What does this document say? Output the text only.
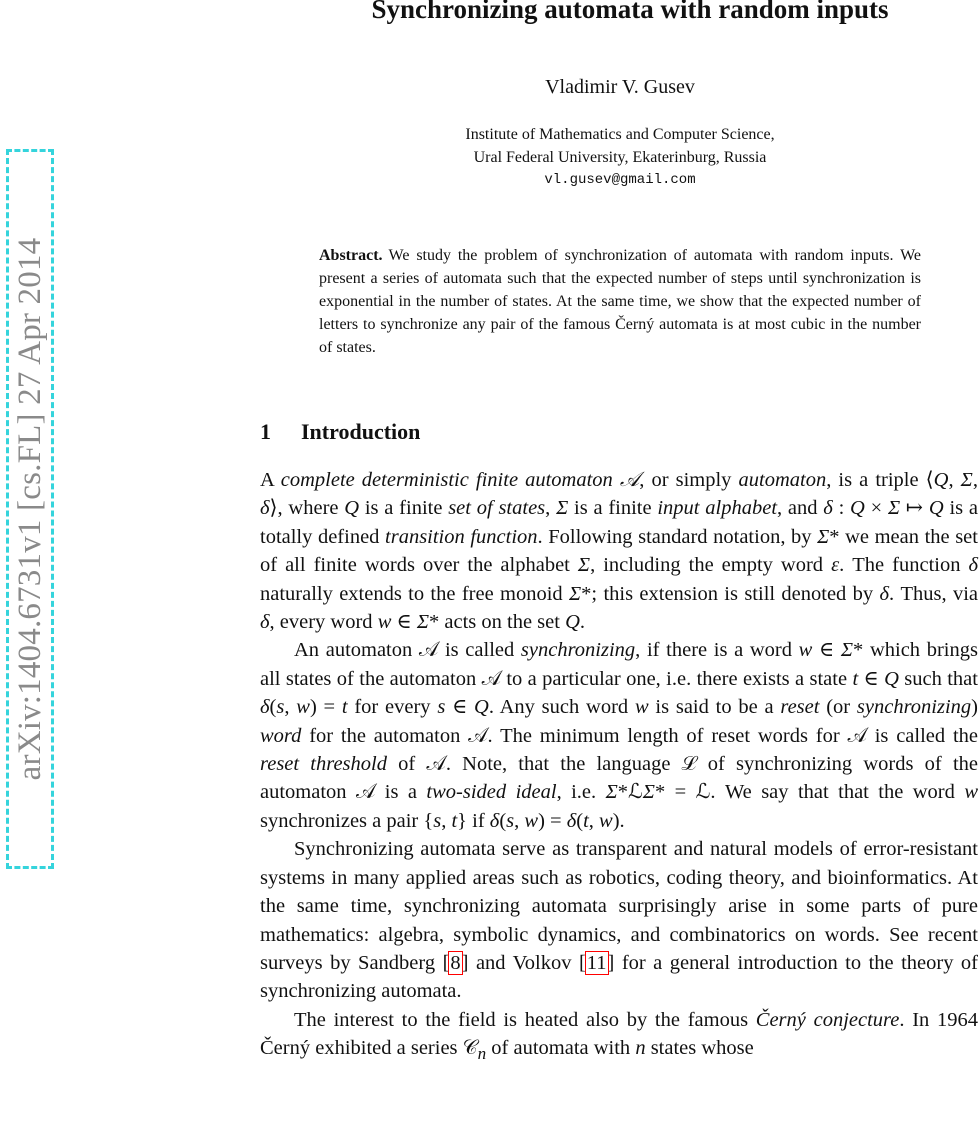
arXiv:1404.6731v1 [cs.FL] 27 Apr 2014
Synchronizing automata with random inputs
Vladimir V. Gusev
Institute of Mathematics and Computer Science,
Ural Federal University, Ekaterinburg, Russia
vl.gusev@gmail.com

Abstract. We study the problem of synchronization of automata with random inputs. We present a series of automata such that the expected number of steps until synchronization is exponential in the number of states. At the same time, we show that the expected number of letters to synchronize any pair of the famous Černý automata is at most cubic in the number of states.

1 Introduction

A complete deterministic finite automaton 𝒜, or simply automaton, is a triple ⟨Q, Σ, δ⟩, where Q is a finite set of states, Σ is a finite input alphabet, and δ : Q × Σ ↦ Q is a totally defined transition function. Following standard notation, by Σ* we mean the set of all finite words over the alphabet Σ, including the empty word ε. The function δ naturally extends to the free monoid Σ*; this extension is still denoted by δ. Thus, via δ, every word w ∈ Σ* acts on the set Q.

An automaton 𝒜 is called synchronizing, if there is a word w ∈ Σ* which brings all states of the automaton 𝒜 to a particular one, i.e. there exists a state t ∈ Q such that δ(s, w) = t for every s ∈ Q. Any such word w is said to be a reset (or synchronizing) word for the automaton 𝒜. The minimum length of reset words for 𝒜 is called the reset threshold of 𝒜. Note, that the language ℒ of synchronizing words of the automaton 𝒜 is a two-sided ideal, i.e. Σ*ℒΣ* = ℒ. We say that that the word w synchronizes a pair {s, t} if δ(s, w) = δ(t, w).

Synchronizing automata serve as transparent and natural models of error-resistant systems in many applied areas such as robotics, coding theory, and bioinformatics. At the same time, synchronizing automata surprisingly arise in some parts of pure mathematics: algebra, symbolic dynamics, and combinatorics on words. See recent surveys by Sandberg [8] and Volkov [11] for a general introduction to the theory of synchronizing automata.

The interest to the field is heated also by the famous Černý conjecture. In 1964 Černý exhibited a series 𝒞$_n$ of automata with n states whose
